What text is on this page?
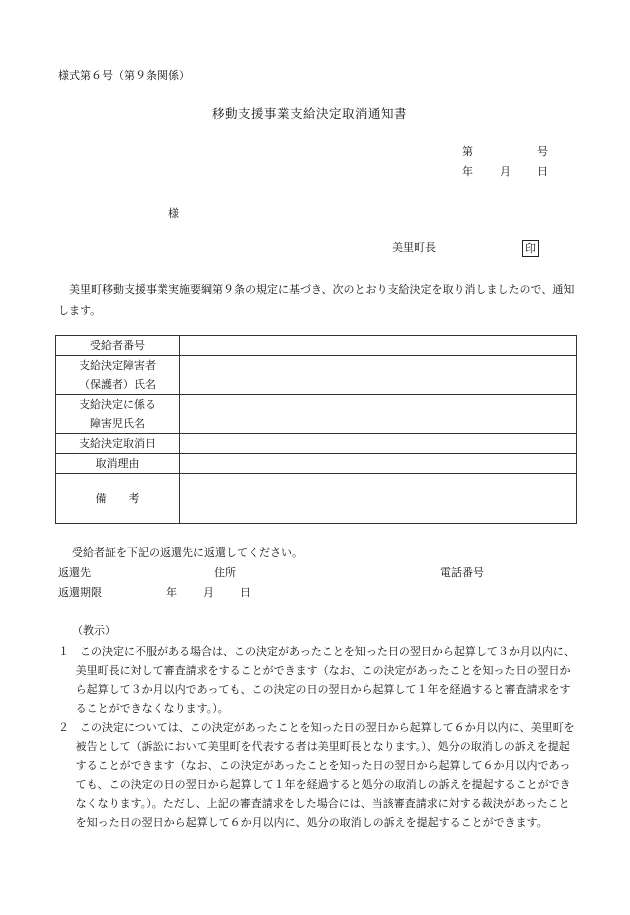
様式第６号（第９条関係）
移動支援事業支給決定取消通知書
第	号
年 月 日
様
美里町長	印
美里町移動支援事業実施要綱第９条の規定に基づき、次のとおり支給決定を取り消しましたので、通知します。
受給者番号	

支給決定障害者
（保護者）氏名	

支給決定に係る
障害児氏名	

支給決定取消日	
取消理由	
備　　考	
受給者証を下記の返還先に返還してください。
返還先	住所	電話番号
返還期限	年 月 日
（教示）
１　この決定に不服がある場合は、この決定があったことを知った日の翌日から起算して３か月以内に、美里町長に対して審査請求をすることができます（なお、この決定があったことを知った日の翌日から起算して３か月以内であっても、この決定の日の翌日から起算して１年を経過すると審査請求をすることができなくなります。）。
２　この決定については、この決定があったことを知った日の翌日から起算して６か月以内に、美里町を被告として（訴訟において美里町を代表する者は美里町長となります。）、処分の取消しの訴えを提起することができます（なお、この決定があったことを知った日の翌日から起算して６か月以内であっても、この決定の日の翌日から起算して１年を経過すると処分の取消しの訴えを提起することができなくなります。）。ただし、上記の審査請求をした場合には、当該審査請求に対する裁決があったことを知った日の翌日から起算して６か月以内に、処分の取消しの訴えを提起することができます。
